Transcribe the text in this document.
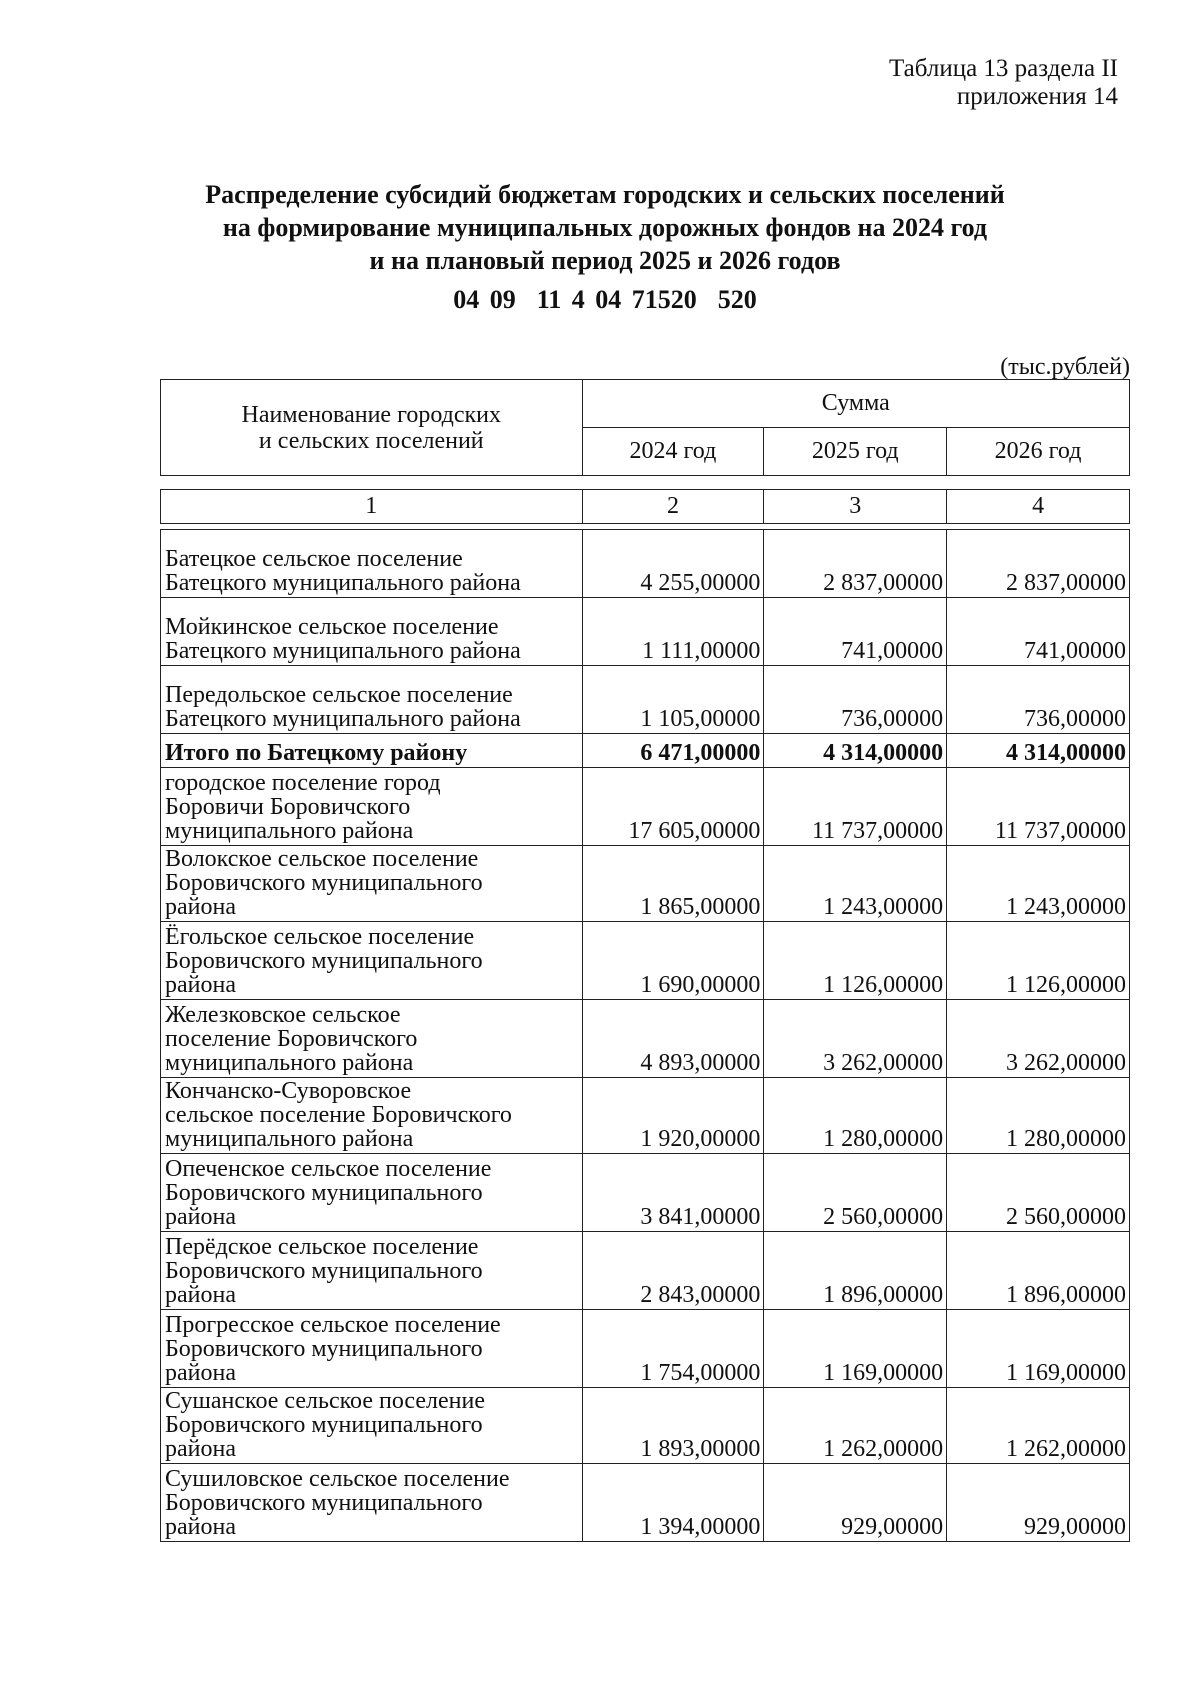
Таблица 13 раздела II
приложения 14
Распределение субсидий бюджетам городских и сельских поселений
на формирование муниципальных дорожных фондов на 2024 год
и на плановый период 2025 и 2026 годов
04 09  11 4 04 71520  520
(тыс.рублей)
Наименование городских
и сельских поселений	Сумма		
	2024 год	2025 год	2026 год
1	2	3	4
Батецкое сельское поселение
Батецкого муниципального района	4 255,00000	2 837,00000	2 837,00000
Мойкинское сельское поселение
Батецкого муниципального района	1 111,00000	741,00000	741,00000
Передольское сельское поселение
Батецкого муниципального района	1 105,00000	736,00000	736,00000
Итого по Батецкому району	6 471,00000	4 314,00000	4 314,00000
городское поселение город
Боровичи Боровичского
муниципального района	17 605,00000	11 737,00000	11 737,00000
Волокское сельское поселение
Боровичского муниципального
района	1 865,00000	1 243,00000	1 243,00000
Ёгольское сельское поселение
Боровичского муниципального
района	1 690,00000	1 126,00000	1 126,00000
Железковское сельское
поселение Боровичского
муниципального района	4 893,00000	3 262,00000	3 262,00000
Кончанско-Суворовское
сельское поселение Боровичского
муниципального района	1 920,00000	1 280,00000	1 280,00000
Опеченское сельское поселение
Боровичского муниципального
района	3 841,00000	2 560,00000	2 560,00000
Перёдское сельское поселение
Боровичского муниципального
района	2 843,00000	1 896,00000	1 896,00000
Прогресское сельское поселение
Боровичского муниципального
района	1 754,00000	1 169,00000	1 169,00000
Сушанское сельское поселение
Боровичского муниципального
района	1 893,00000	1 262,00000	1 262,00000
Сушиловское сельское поселение
Боровичского муниципального
района	1 394,00000	929,00000	929,00000
